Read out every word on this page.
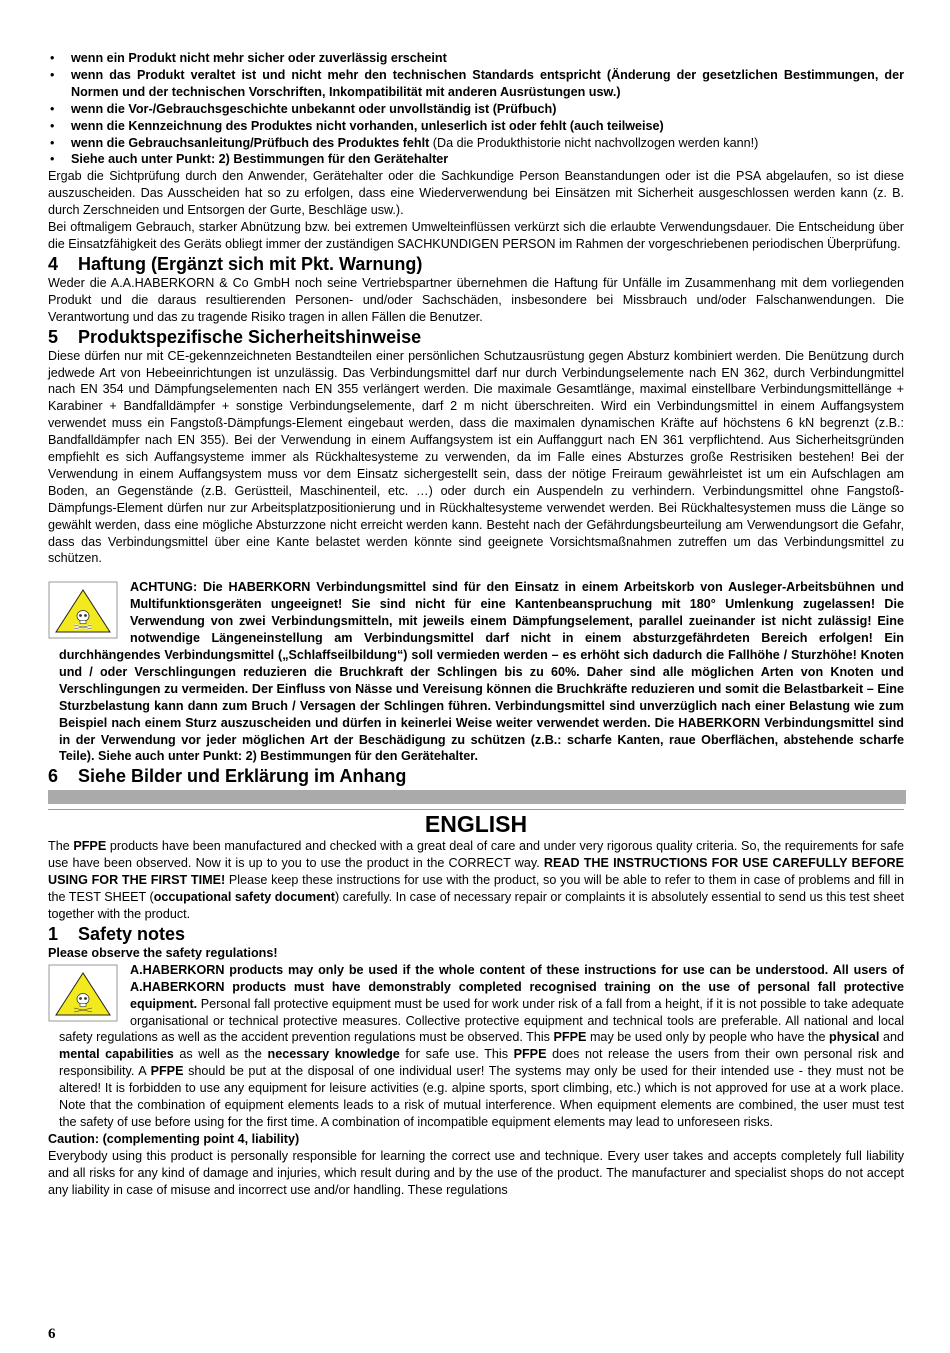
• wenn ein Produkt nicht mehr sicher oder zuverlässig erscheint
• wenn das Produkt veraltet ist und nicht mehr den technischen Standards entspricht (Änderung der gesetzlichen Bestimmungen, der Normen und der technischen Vorschriften, Inkompatibilität mit anderen Ausrüstungen usw.)
• wenn die Vor-/Gebrauchsgeschichte unbekannt oder unvollständig ist (Prüfbuch)
• wenn die Kennzeichnung des Produktes nicht vorhanden, unleserlich ist oder fehlt (auch teilweise)
• wenn die Gebrauchsanleitung/Prüfbuch des Produktes fehlt (Da die Produkthistorie nicht nachvollzogen werden kann!)
• Siehe auch unter Punkt: 2) Bestimmungen für den Gerätehalter

Ergab die Sichtprüfung durch den Anwender, Gerätehalter oder die Sachkundige Person Beanstandungen oder ist die PSA abgelaufen, so ist diese auszuscheiden. Das Ausscheiden hat so zu erfolgen, dass eine Wiederverwendung bei Einsätzen mit Sicherheit ausgeschlossen werden kann (z. B. durch Zerschneiden und Entsorgen der Gurte, Beschläge usw.).

Bei oftmaligem Gebrauch, starker Abnützung bzw. bei extremen Umwelteinflüssen verkürzt sich die erlaubte Verwendungsdauer. Die Entscheidung über die Einsatzfähigkeit des Geräts obliegt immer der zuständigen SACHKUNDIGEN PERSON im Rahmen der vorgeschriebenen periodischen Überprüfung.

4 Haftung (Ergänzt sich mit Pkt. Warnung)

Weder die A.A.HABERKORN & Co GmbH noch seine Vertriebspartner übernehmen die Haftung für Unfälle im Zusammenhang mit dem vorliegenden Produkt und die daraus resultierenden Personen- und/oder Sachschäden, insbesondere bei Missbrauch und/oder Falschanwendungen. Die Verantwortung und das zu tragende Risiko tragen in allen Fällen die Benutzer.

5 Produktspezifische Sicherheitshinweise

Diese dürfen nur mit CE-gekennzeichneten Bestandteilen einer persönlichen Schutzausrüstung gegen Absturz kombiniert werden. Die Benützung durch jedwede Art von Hebeeinrichtungen ist unzulässig. Das Verbindungsmittel darf nur durch Verbindungselemente nach EN 362, durch Verbindungmittel nach EN 354 und Dämpfungselementen nach EN 355 verlängert werden. Die maximale Gesamtlänge, maximal einstellbare Verbindungsmittellänge + Karabiner + Bandfalldämpfer + sonstige Verbindungselemente, darf 2 m nicht überschreiten. Wird ein Verbindungsmittel in einem Auffangsystem verwendet muss ein Fangstoß-Dämpfungs-Element eingebaut werden, dass die maximalen dynamischen Kräfte auf höchstens 6 kN begrenzt (z.B.: Bandfalldämpfer nach EN 355). Bei der Verwendung in einem Auffangsystem ist ein Auffanggurt nach EN 361 verpflichtend. Aus Sicherheitsgründen empfiehlt es sich Auffangsysteme immer als Rückhaltesysteme zu verwenden, da im Falle eines Absturzes große Restrisiken bestehen! Bei der Verwendung in einem Auffangsystem muss vor dem Einsatz sichergestellt sein, dass der nötige Freiraum gewährleistet ist um ein Aufschlagen am Boden, an Gegenstände (z.B. Gerüstteil, Maschinenteil, etc. …) oder durch ein Auspendeln zu verhindern. Verbindungsmittel ohne Fangstoß-Dämpfungs-Element dürfen nur zur Arbeitsplatzpositionierung und in Rückhaltesysteme verwendet werden. Bei Rückhaltesystemen muss die Länge so gewählt werden, dass eine mögliche Absturzzone nicht erreicht werden kann. Besteht nach der Gefährdungsbeurteilung am Verwendungsort die Gefahr, dass das Verbindungsmittel über eine Kante belastet werden könnte sind geeignete Vorsichtsmaßnahmen zutreffen um das Verbindungsmittel zu schützen.

ACHTUNG: Die HABERKORN Verbindungsmittel sind für den Einsatz in einem Arbeitskorb von Ausleger-Arbeitsbühnen und Multifunktionsgeräten ungeeignet! Sie sind nicht für eine Kantenbeanspruchung mit 180° Umlenkung zugelassen! Die Verwendung von zwei Verbindungsmitteln, mit jeweils einem Dämpfungselement, parallel zueinander ist nicht zulässig! Eine notwendige Längeneinstellung am Verbindungsmittel darf nicht in einem absturzgefährdeten Bereich erfolgen! Ein durchhängendes Verbindungsmittel („Schlaffseilbildung“) soll vermieden werden – es erhöht sich dadurch die Fallhöhe / Sturzhöhe! Knoten und / oder Verschlingungen reduzieren die Bruchkraft der Schlingen bis zu 60%. Daher sind alle möglichen Arten von Knoten und Verschlingungen zu vermeiden. Der Einfluss von Nässe und Vereisung können die Bruchkräfte reduzieren und somit die Belastbarkeit – Eine Sturzbelastung kann dann zum Bruch / Versagen der Schlingen führen. Verbindungsmittel sind unverzüglich nach einer Belastung wie zum Beispiel nach einem Sturz auszuscheiden und dürfen in keinerlei Weise weiter verwendet werden. Die HABERKORN Verbindungsmittel sind in der Verwendung vor jeder möglichen Art der Beschädigung zu schützen (z.B.: scharfe Kanten, raue Oberflächen, abstehende scharfe Teile). Siehe auch unter Punkt: 2) Bestimmungen für den Gerätehalter.

6 Siehe Bilder und Erklärung im Anhang
ENGLISH

The PFPE products have been manufactured and checked with a great deal of care and under very rigorous quality criteria. So, the requirements for safe use have been observed. Now it is up to you to use the product in the CORRECT way. READ THE INSTRUCTIONS FOR USE CAREFULLY BEFORE USING FOR THE FIRST TIME! Please keep these instructions for use with the product, so you will be able to refer to them in case of problems and fill in the TEST SHEET (occupational safety document) carefully. In case of necessary repair or complaints it is absolutely essential to send us this test sheet together with the product.

1 Safety notes

Please observe the safety regulations!

A.HABERKORN products may only be used if the whole content of these instructions for use can be understood. All users of A.HABERKORN products must have demonstrably completed recognised training on the use of personal fall protective equipment. Personal fall protective equipment must be used for work under risk of a fall from a height, if it is not possible to take adequate organisational or technical protective measures. Collective protective equipment and technical tools are preferable. All national and local safety regulations as well as the accident prevention regulations must be observed. This PFPE may be used only by people who have the physical and mental capabilities as well as the necessary knowledge for safe use. This PFPE does not release the users from their own personal risk and responsibility. A PFPE should be put at the disposal of one individual user! The systems may only be used for their intended use - they must not be altered! It is forbidden to use any equipment for leisure activities (e.g. alpine sports, sport climbing, etc.) which is not approved for use at a work place. Note that the combination of equipment elements leads to a risk of mutual interference. When equipment elements are combined, the user must test the safety of use before using for the first time. A combination of incompatible equipment elements may lead to unforeseen risks.

Caution: (complementing point 4, liability)

Everybody using this product is personally responsible for learning the correct use and technique. Every user takes and accepts completely full liability and all risks for any kind of damage and injuries, which result during and by the use of the product. The manufacturer and specialist shops do not accept any liability in case of misuse and incorrect use and/or handling. These regulations

6
